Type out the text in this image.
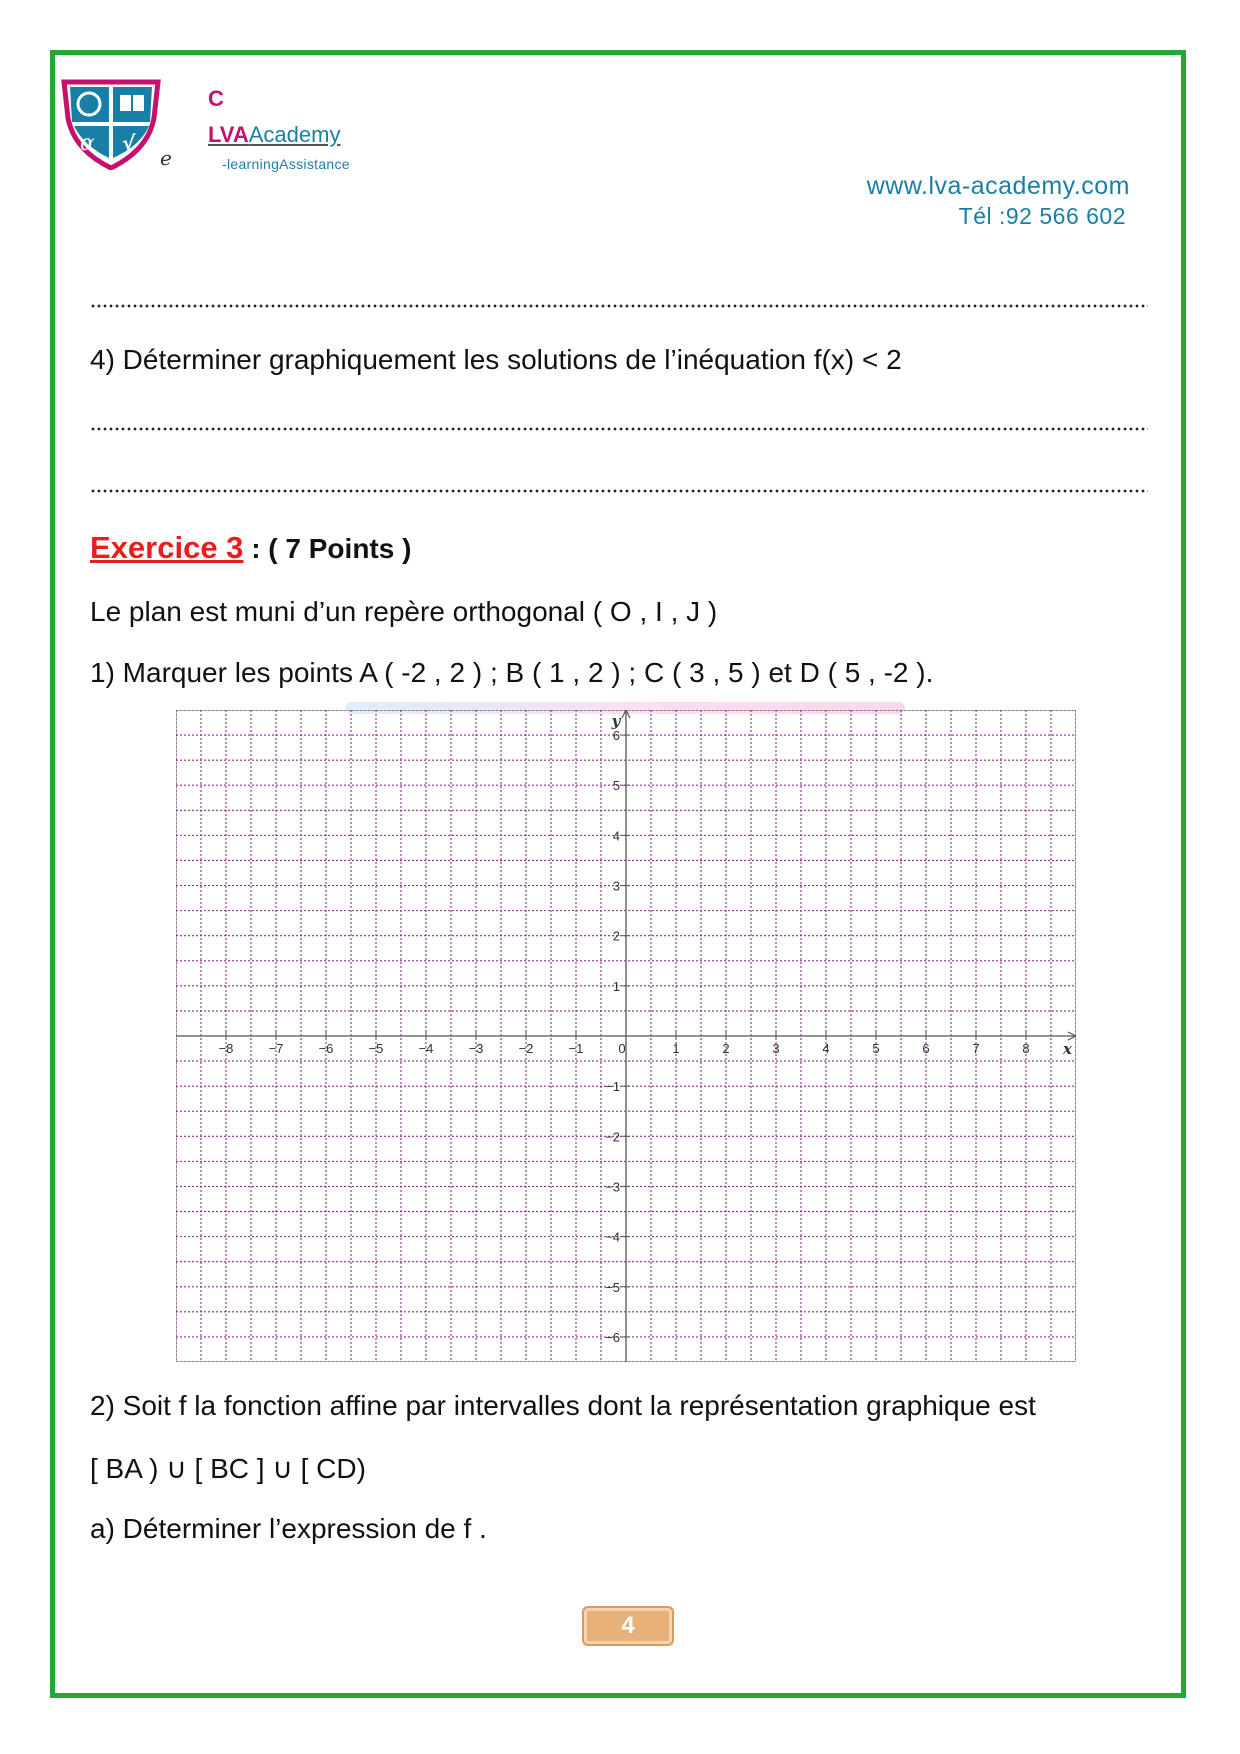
α √
e
C
LVAAcademy
-learningAssistance
www.lva-academy.com
Tél :92 566 602
4) Déterminer graphiquement les solutions de l’inéquation f(x) < 2
Exercice 3 : ( 7 Points )
Le plan est muni d’un repère orthogonal ( O , I , J )
1) Marquer les points A ( -2 , 2 ) ; B ( 1 , 2 ) ; C ( 3 , 5 ) et D ( 5 , -2 ).
−8	−7	−6	−5	−4	−3	−2	−1	0	1	2	3	4	5	6	7	8
6
5
4
3
2
1
−1
−2
−3
−4
−5
−6
x
y
2) Soit f la fonction affine par intervalles dont la représentation graphique est
[ BA ) ∪ [ BC ] ∪ [ CD)
a) Déterminer l’expression de f .
4
